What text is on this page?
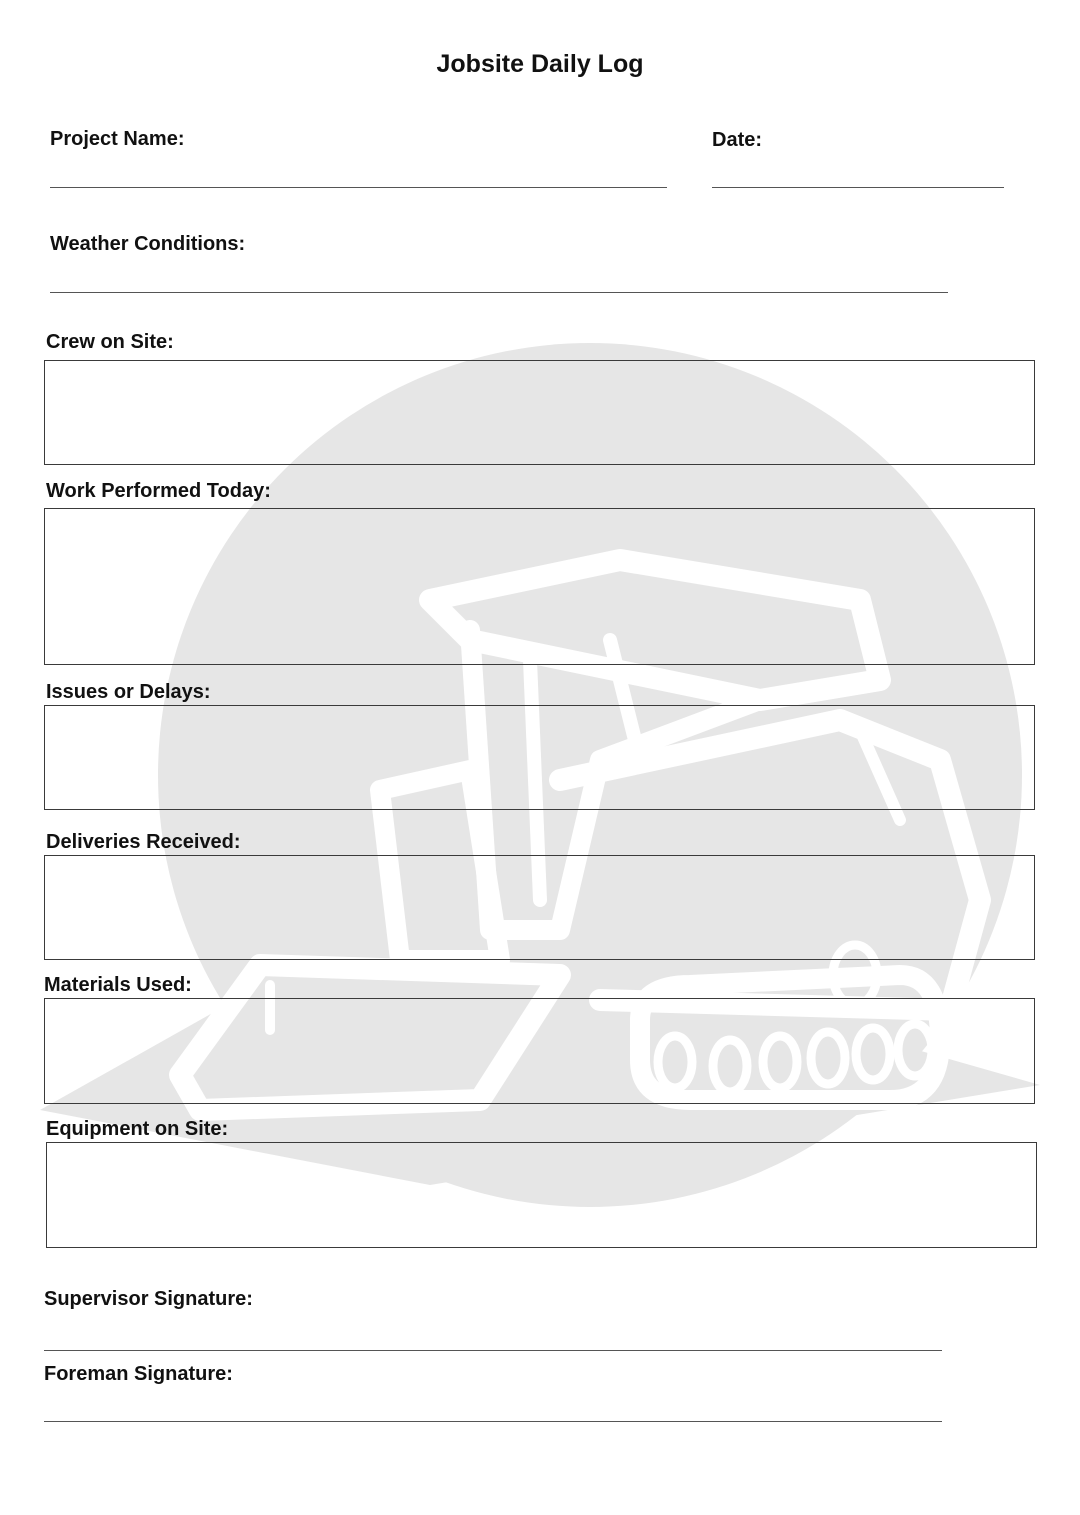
Jobsite Daily Log
Project Name:	Date:
Weather Conditions:
Crew on Site:
Work Performed Today:
Issues or Delays:
Deliveries Received:
Materials Used:
Equipment on Site:
Supervisor Signature:
Foreman Signature:
